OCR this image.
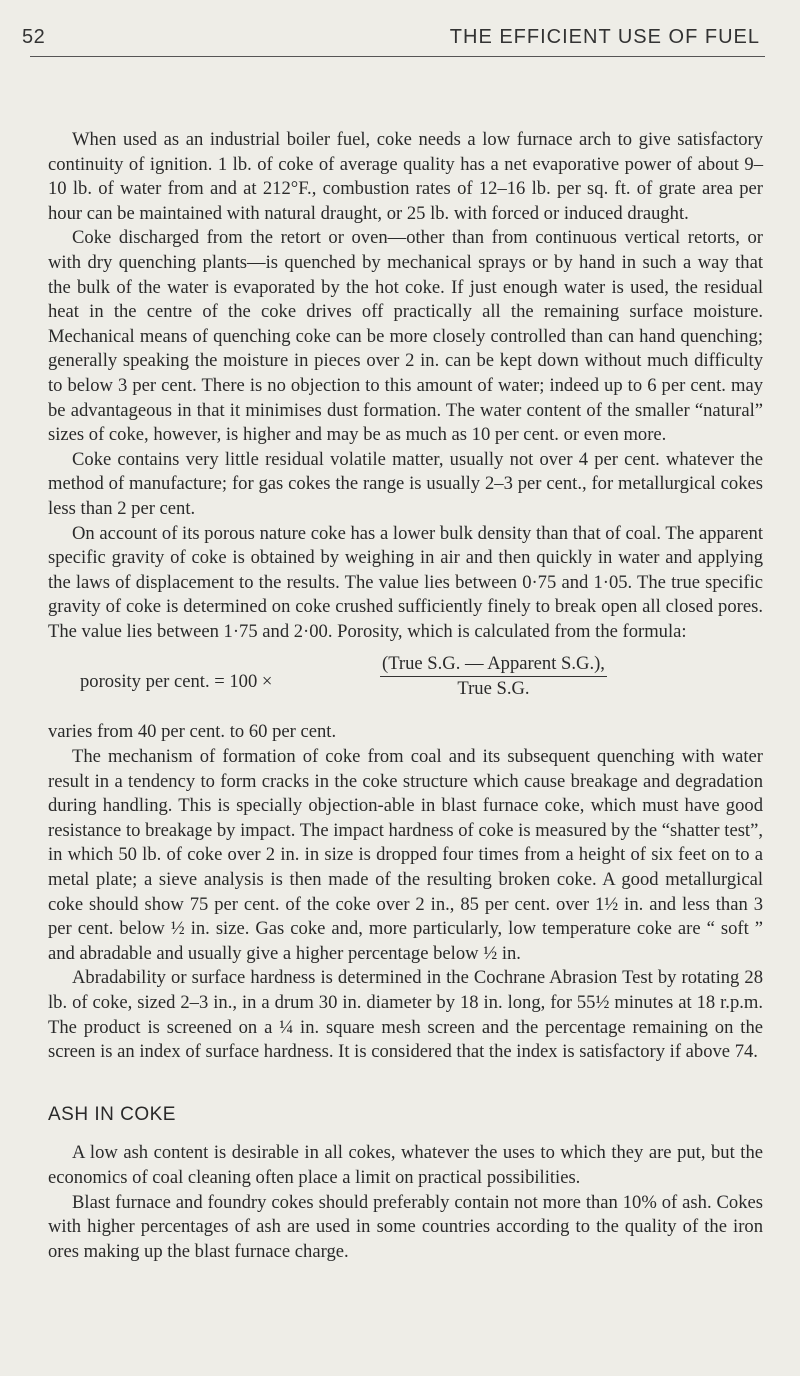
52	THE EFFICIENT USE OF FUEL

When used as an industrial boiler fuel, coke needs a low furnace arch to give satisfactory continuity of ignition. 1 lb. of coke of average quality has a net evaporative power of about 9–10 lb. of water from and at 212°F., combustion rates of 12–16 lb. per sq. ft. of grate area per hour can be maintained with natural draught, or 25 lb. with forced or induced draught.

Coke discharged from the retort or oven—other than from continuous vertical retorts, or with dry quenching plants—is quenched by mechanical sprays or by hand in such a way that the bulk of the water is evaporated by the hot coke. If just enough water is used, the residual heat in the centre of the coke drives off practically all the remaining surface moisture. Mechanical means of quenching coke can be more closely controlled than can hand quenching; generally speaking the moisture in pieces over 2 in. can be kept down without much difficulty to below 3 per cent. There is no objection to this amount of water; indeed up to 6 per cent. may be advantageous in that it minimises dust formation. The water content of the smaller “natural” sizes of coke, however, is higher and may be as much as 10 per cent. or even more.

Coke contains very little residual volatile matter, usually not over 4 per cent. whatever the method of manufacture; for gas cokes the range is usually 2–3 per cent., for metallurgical cokes less than 2 per cent.

On account of its porous nature coke has a lower bulk density than that of coal. The apparent specific gravity of coke is obtained by weighing in air and then quickly in water and applying the laws of displacement to the results. The value lies between 0·75 and 1·05. The true specific gravity of coke is determined on coke crushed sufficiently finely to break open all closed pores. The value lies between 1·75 and 2·00. Porosity, which is calculated from the formula:

porosity per cent. = 100 ×
(True S.G. — Apparent S.G.),
True S.G.

varies from 40 per cent. to 60 per cent.

The mechanism of formation of coke from coal and its subsequent quenching with water result in a tendency to form cracks in the coke structure which cause breakage and degradation during handling. This is specially objection-able in blast furnace coke, which must have good resistance to breakage by impact. The impact hardness of coke is measured by the “shatter test”, in which 50 lb. of coke over 2 in. in size is dropped four times from a height of six feet on to a metal plate; a sieve analysis is then made of the resulting broken coke. A good metallurgical coke should show 75 per cent. of the coke over 2 in., 85 per cent. over 1½ in. and less than 3 per cent. below ½ in. size. Gas coke and, more particularly, low temperature coke are “ soft ” and abradable and usually give a higher percentage below ½ in.

Abradability or surface hardness is determined in the Cochrane Abrasion Test by rotating 28 lb. of coke, sized 2–3 in., in a drum 30 in. diameter by 18 in. long, for 55½ minutes at 18 r.p.m. The product is screened on a ¼ in. square mesh screen and the percentage remaining on the screen is an index of surface hardness. It is considered that the index is satisfactory if above 74.

ASH IN COKE

A low ash content is desirable in all cokes, whatever the uses to which they are put, but the economics of coal cleaning often place a limit on practical possibilities.

Blast furnace and foundry cokes should preferably contain not more than 10% of ash. Cokes with higher percentages of ash are used in some countries according to the quality of the iron ores making up the blast furnace charge.
